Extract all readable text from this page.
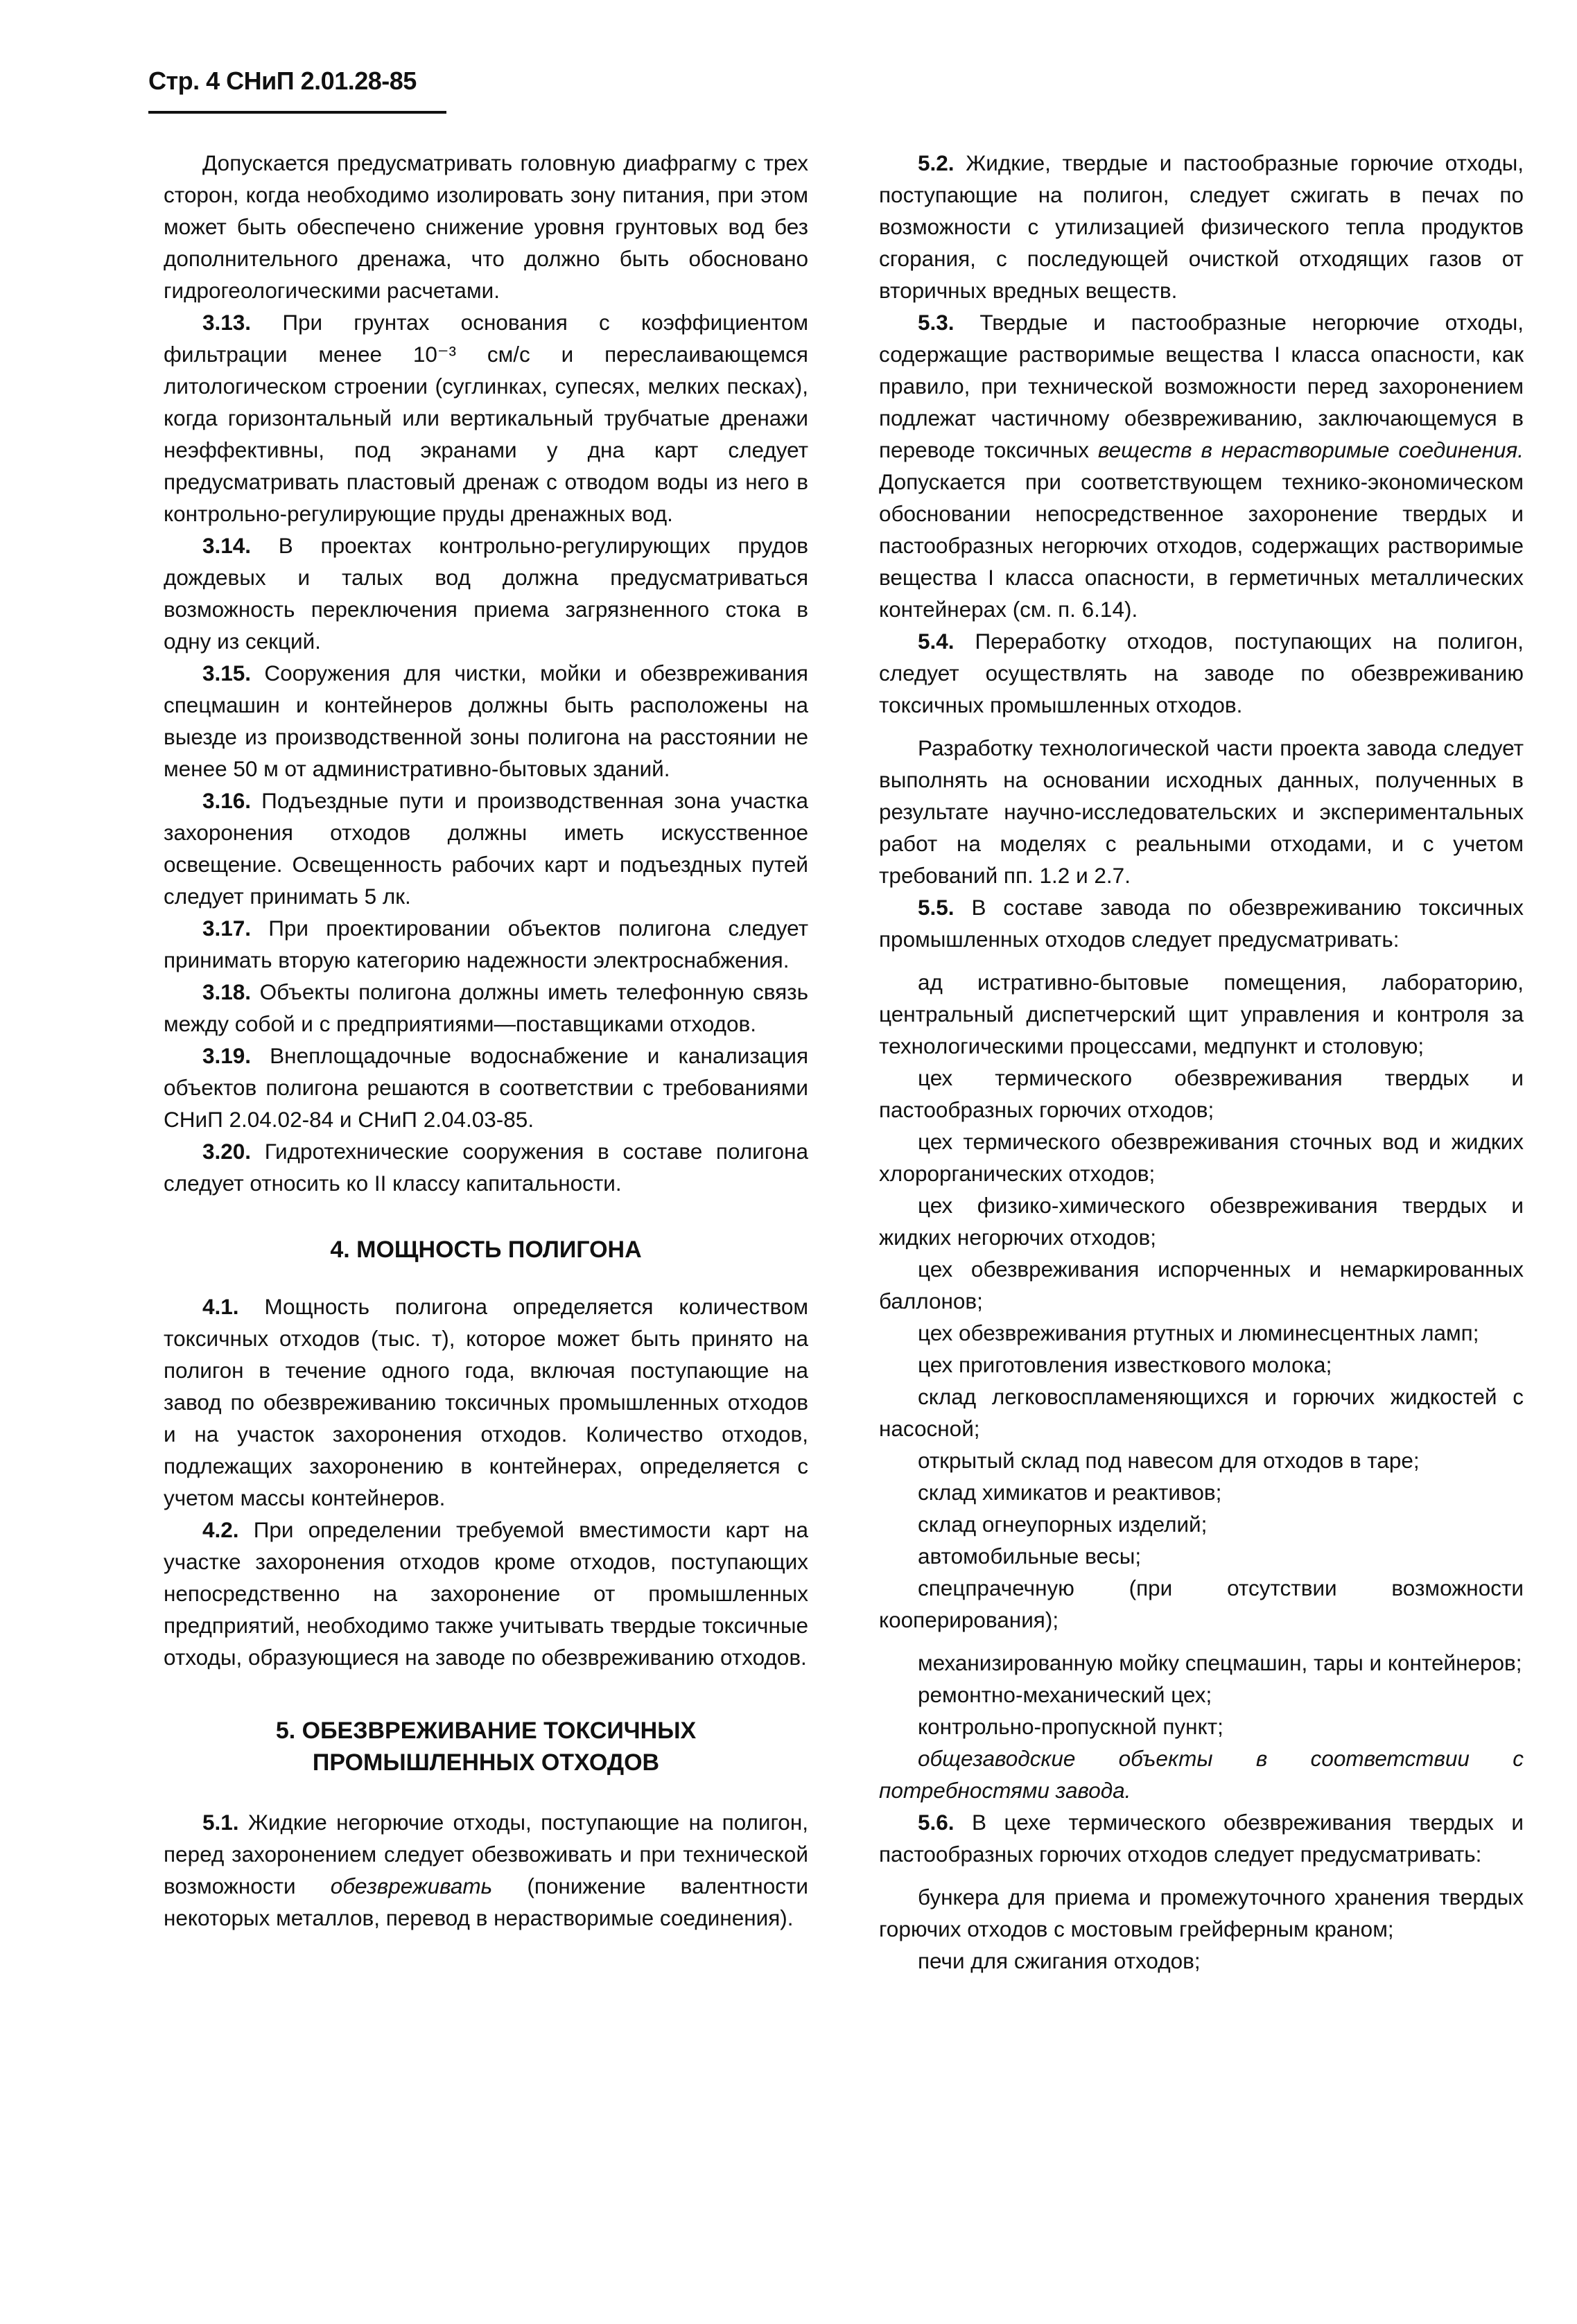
Стр. 4 СНиП 2.01.28-85

Допускается предусматривать головную диафрагму с трех сторон, когда необходимо изолировать зону питания, при этом может быть обеспечено снижение уровня грунтовых вод без дополнительного дренажа, что должно быть обосновано гидрогеологическими расчетами.

3.13. При грунтах основания с коэффициентом фильтрации менее 10⁻³ см/с и переслаивающемся литологическом строении (суглинках, супесях, мелких песках), когда горизонтальный или вертикальный трубчатые дренажи неэффективны, под экранами у дна карт следует предусматривать пластовый дренаж с отводом воды из него в контрольно-регулирующие пруды дренажных вод.

3.14. В проектах контрольно-регулирующих прудов дождевых и талых вод должна предусматриваться возможность переключения приема загрязненного стока в одну из секций.

3.15. Сооружения для чистки, мойки и обезвреживания спецмашин и контейнеров должны быть расположены на выезде из производственной зоны полигона на расстоянии не менее 50 м от административно-бытовых зданий.

3.16. Подъездные пути и производственная зона участка захоронения отходов должны иметь искусственное освещение. Освещенность рабочих карт и подъездных путей следует принимать 5 лк.

3.17. При проектировании объектов полигона следует принимать вторую категорию надежности электроснабжения.

3.18. Объекты полигона должны иметь телефонную связь между собой и с предприятиями—поставщиками отходов.

3.19. Внеплощадочные водоснабжение и канализация объектов полигона решаются в соответствии с требованиями СНиП 2.04.02-84 и СНиП 2.04.03-85.

3.20. Гидротехнические сооружения в составе полигона следует относить ко II классу капитальности.

4. МОЩНОСТЬ ПОЛИГОНА

4.1. Мощность полигона определяется количеством токсичных отходов (тыс. т), которое может быть принято на полигон в течение одного года, включая поступающие на завод по обезвреживанию токсичных промышленных отходов и на участок захоронения отходов. Количество отходов, подлежащих захоронению в контейнерах, определяется с учетом массы контейнеров.

4.2. При определении требуемой вместимости карт на участке захоронения отходов кроме отходов, поступающих непосредственно на захоронение от промышленных предприятий, необходимо также учитывать твердые токсичные отходы, образующиеся на заводе по обезвреживанию отходов.

5. ОБЕЗВРЕЖИВАНИЕ ТОКСИЧНЫХ
ПРОМЫШЛЕННЫХ ОТХОДОВ

5.1. Жидкие негорючие отходы, поступающие на полигон, перед захоронением следует обезвоживать и при технической возможности обезвреживать (понижение валентности некоторых металлов, перевод в нерастворимые соединения).

5.2. Жидкие, твердые и пастообразные горючие отходы, поступающие на полигон, следует сжигать в печах по возможности с утилизацией физического тепла продуктов сгорания, с последующей очисткой отходящих газов от вторичных вредных веществ.

5.3. Твердые и пастообразные негорючие отходы, содержащие растворимые вещества I класса опасности, как правило, при технической возможности перед захоронением подлежат частичному обезвреживанию, заключающемуся в переводе токсичных веществ в нерастворимые соединения. Допускается при соответствующем технико-экономическом обосновании непосредственное захоронение твердых и пастообразных негорючих отходов, содержащих растворимые вещества I класса опасности, в герметичных металлических контейнерах (см. п. 6.14).

5.4. Переработку отходов, поступающих на полигон, следует осуществлять на заводе по обезвреживанию токсичных промышленных отходов.

Разработку технологической части проекта завода следует выполнять на основании исходных данных, полученных в результате научно-исследовательских и экспериментальных работ на моделях с реальными отходами, и с учетом требований пп. 1.2 и 2.7.

5.5. В составе завода по обезвреживанию токсичных промышленных отходов следует предусматривать:

ад истративно-бытовые помещения, лабораторию, центральный диспетчерский щит управления и контроля за технологическими процессами, медпункт и столовую;

цех термического обезвреживания твердых и пастообразных горючих отходов;

цех термического обезвреживания сточных вод и жидких хлорорганических отходов;

цех физико-химического обезвреживания твердых и жидких негорючих отходов;

цех обезвреживания испорченных и немаркированных баллонов;

цех обезвреживания ртутных и люминесцентных ламп;

цех приготовления известкового молока;

склад легковоспламеняющихся и горючих жидкостей с насосной;

открытый склад под навесом для отходов в таре;

склад химикатов и реактивов;

склад огнеупорных изделий;

автомобильные весы;

спецпрачечную (при отсутствии возможности кооперирования);

механизированную мойку спецмашин, тары и контейнеров;

ремонтно-механический цех;

контрольно-пропускной пункт;

общезаводские объекты в соответствии с потребностями завода.

5.6. В цехе термического обезвреживания твердых и пастообразных горючих отходов следует предусматривать:

бункера для приема и промежуточного хранения твердых горючих отходов с мостовым грейферным краном;

печи для сжигания отходов;
